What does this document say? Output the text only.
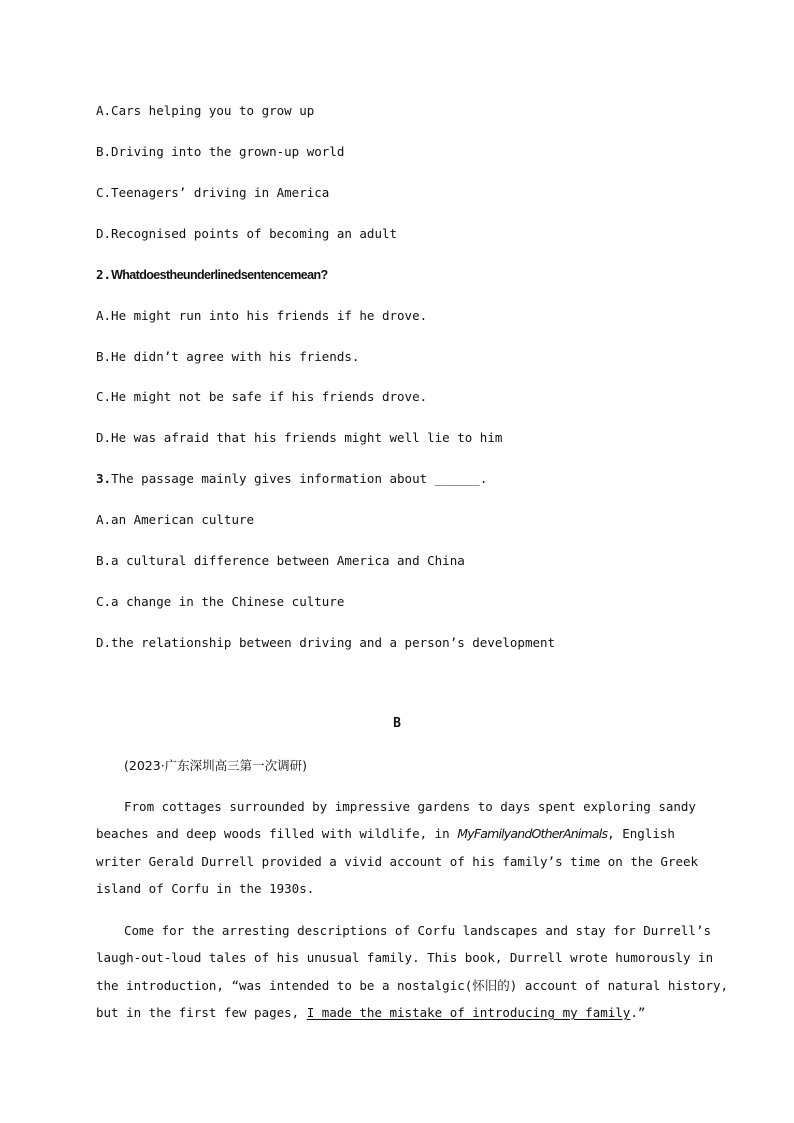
A.Cars helping you to grow up
B.Driving into the grown-up world
C.Teenagers’ driving in America
D.Recognised points of becoming an adult
2.Whatdoestheunderlinedsentencemean?
A.He might run into his friends if he drove.
B.He didn’t agree with his friends.
C.He might not be safe if his friends drove.
D.He was afraid that his friends might well lie to him
3.The passage mainly gives information about ______.
A.an American culture
B.a cultural difference between America and China
C.a change in the Chinese culture
D.the relationship between driving and a person’s development
B
(2023·广东深圳高三第一次调研)
From cottages surrounded by impressive gardens to days spent exploring sandy
beaches and deep woods filled with wildlife, in MyFamilyandOtherAnimals, English
writer Gerald Durrell provided a vivid account of his family’s time on the Greek
island of Corfu in the 1930s.
Come for the arresting descriptions of Corfu landscapes and stay for Durrell’s
laugh-out-loud tales of his unusual family. This book, Durrell wrote humorously in
the introduction, “was intended to be a nostalgic(怀旧的) account of natural history,
but in the first few pages, I made the mistake of introducing my family.”
